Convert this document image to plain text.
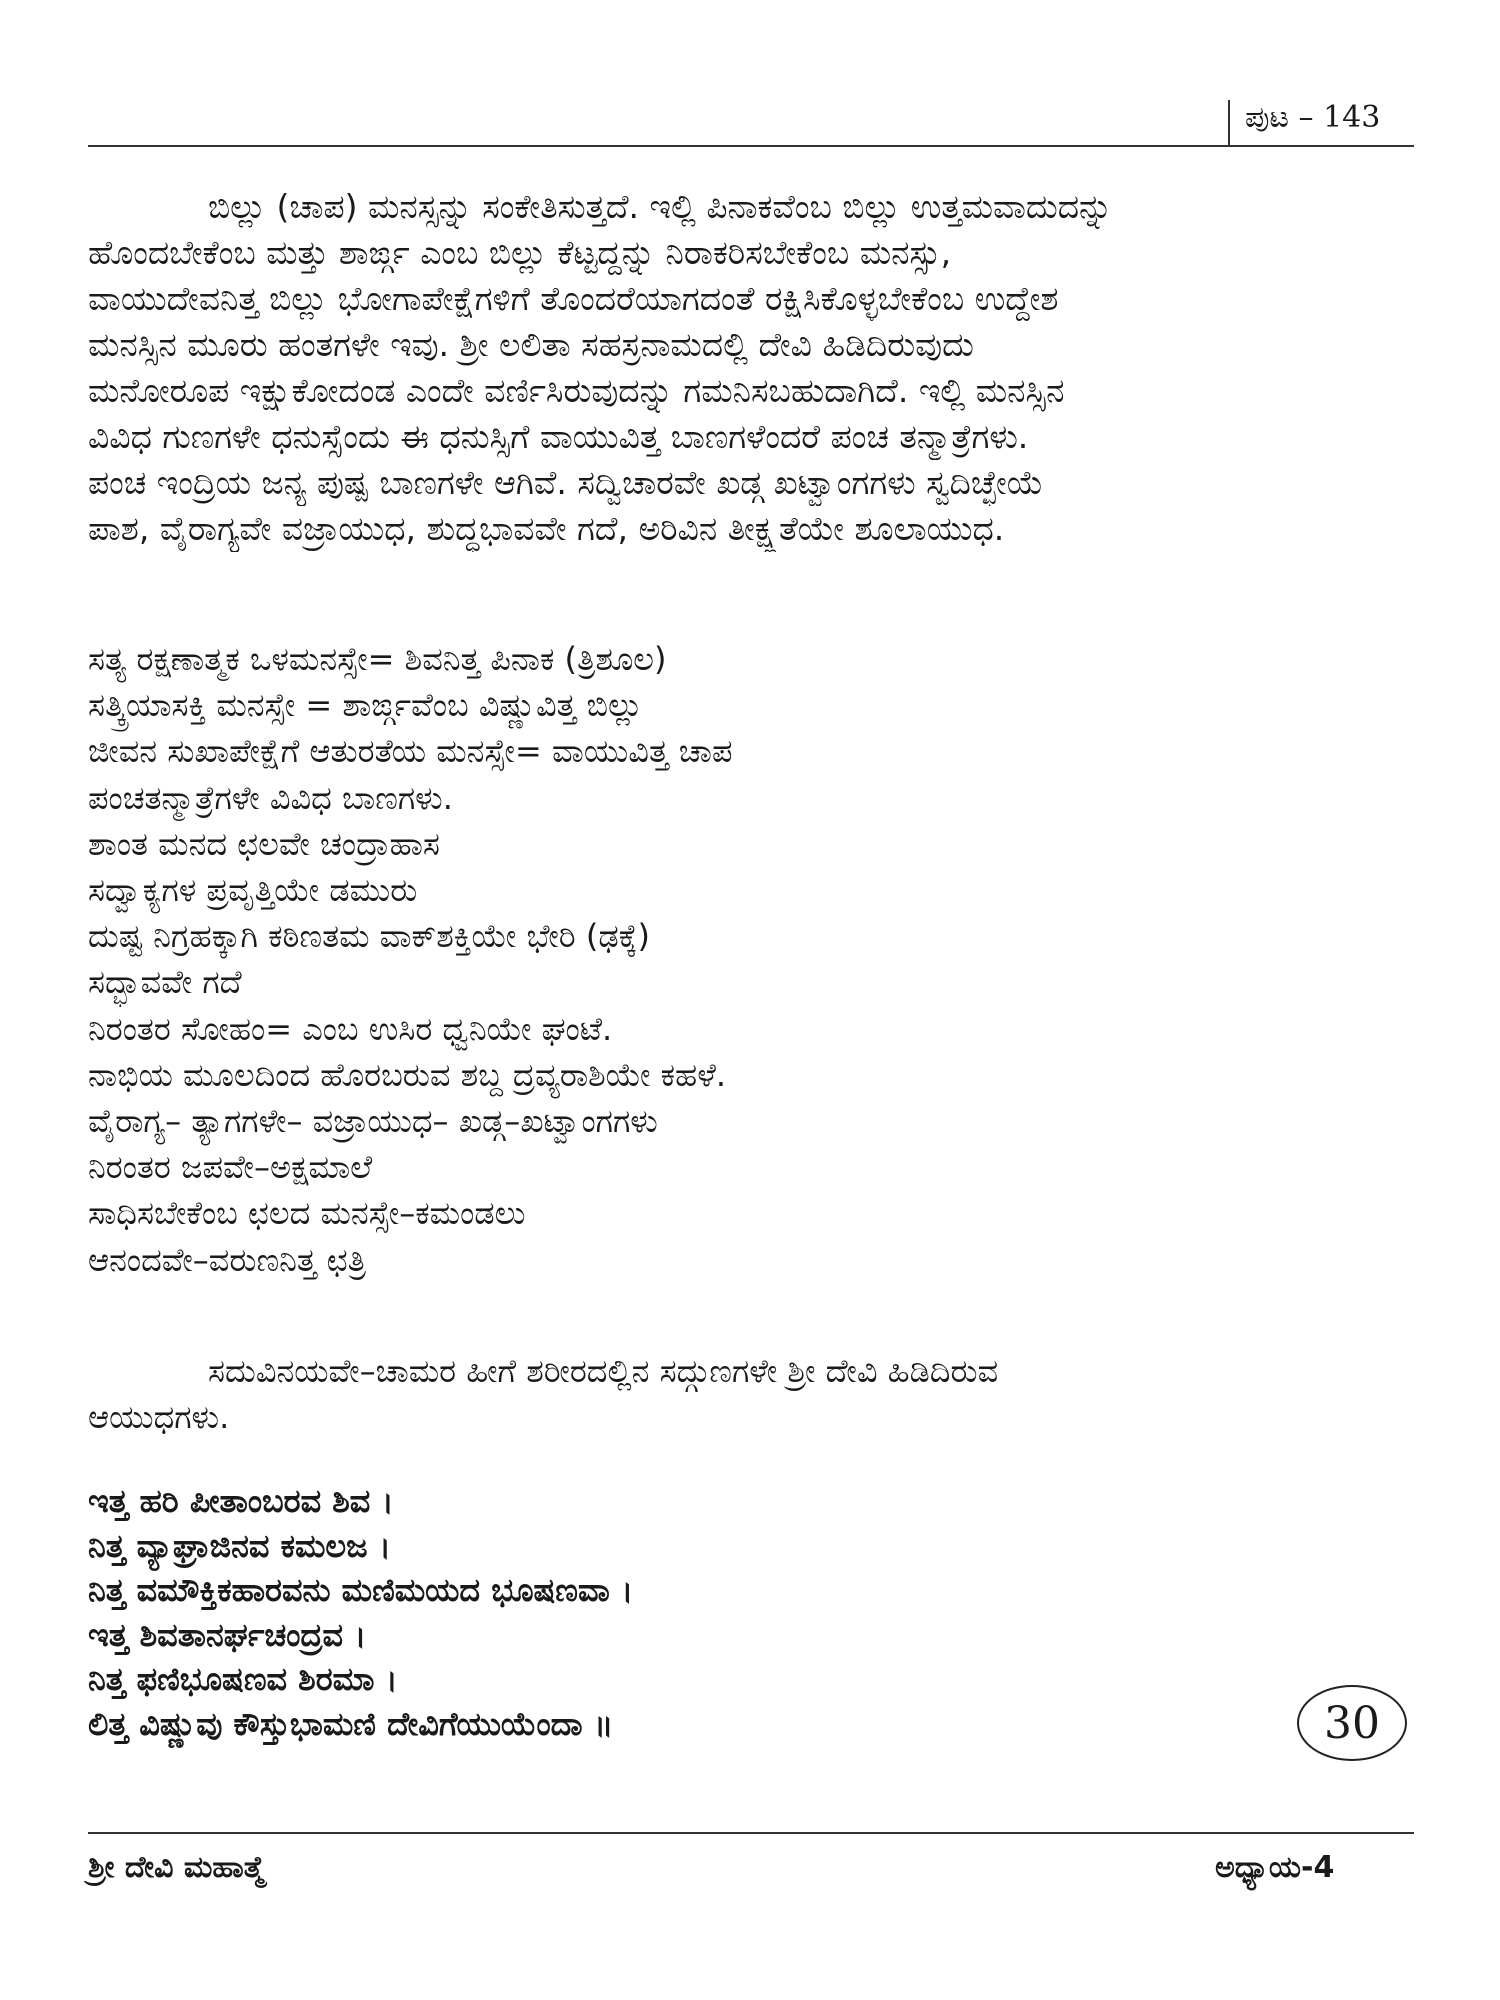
ಪುಟ – 143
ಬಿಲ್ಲು (ಚಾಪ) ಮನಸ್ಸನ್ನು ಸಂಕೇತಿಸುತ್ತದೆ. ಇಲ್ಲಿ ಪಿನಾಕವೆಂಬ ಬಿಲ್ಲು ಉತ್ತಮವಾದುದನ್ನು
ಹೊಂದಬೇಕೆಂಬ ಮತ್ತು ಶಾರ್ಙ್ಗ ಎಂಬ ಬಿಲ್ಲು ಕೆಟ್ಟದ್ದನ್ನು ನಿರಾಕರಿಸಬೇಕೆಂಬ ಮನಸ್ಸು,
ವಾಯುದೇವನಿತ್ತ ಬಿಲ್ಲು ಭೋಗಾಪೇಕ್ಷೆಗಳಿಗೆ ತೊಂದರೆಯಾಗದಂತೆ ರಕ್ಷಿಸಿಕೊಳ್ಳಬೇಕೆಂಬ ಉದ್ದೇಶ
ಮನಸ್ಸಿನ ಮೂರು ಹಂತಗಳೇ ಇವು. ಶ್ರೀ ಲಲಿತಾ ಸಹಸ್ರನಾಮದಲ್ಲಿ ದೇವಿ ಹಿಡಿದಿರುವುದು
ಮನೋರೂಪ ಇಕ್ಷುಕೋದಂಡ ಎಂದೇ ವರ್ಣಿಸಿರುವುದನ್ನು ಗಮನಿಸಬಹುದಾಗಿದೆ. ಇಲ್ಲಿ ಮನಸ್ಸಿನ
ವಿವಿಧ ಗುಣಗಳೇ ಧನುಸ್ಸೆಂದು ಈ ಧನುಸ್ಸಿಗೆ ವಾಯುವಿತ್ತ ಬಾಣಗಳೆಂದರೆ ಪಂಚ ತನ್ಮಾತ್ರೆಗಳು.
ಪಂಚ ಇಂದ್ರಿಯ ಜನ್ಯ ಪುಷ್ಪ ಬಾಣಗಳೇ ಆಗಿವೆ. ಸದ್ವಿಚಾರವೇ ಖಡ್ಗ ಖಟ್ವಾಂಗಗಳು ಸ್ವದಿಚ್ಛೇಯೆ
ಪಾಶ, ವೈರಾಗ್ಯವೇ ವಜ್ರಾಯುಧ, ಶುದ್ಧಭಾವವೇ ಗದೆ, ಅರಿವಿನ ತೀಕ್ಷ್ಣತೆಯೇ ಶೂಲಾಯುಧ.
ಸತ್ಯ ರಕ್ಷಣಾತ್ಮಕ ಒಳಮನಸ್ಸೇ= ಶಿವನಿತ್ತ ಪಿನಾಕ (ತ್ರಿಶೂಲ)
ಸತ್ಕ್ರಿಯಾಸಕ್ತಿ ಮನಸ್ಸೇ = ಶಾರ್ಙ್ಗವೆಂಬ ವಿಷ್ಣುವಿತ್ತ ಬಿಲ್ಲು
ಜೀವನ ಸುಖಾಪೇಕ್ಷೆಗೆ ಆತುರತೆಯ ಮನಸ್ಸೇ= ವಾಯುವಿತ್ತ ಚಾಪ
ಪಂಚತನ್ಮಾತ್ರೆಗಳೇ ವಿವಿಧ ಬಾಣಗಳು.
ಶಾಂತ ಮನದ ಛಲವೇ ಚಂದ್ರಾಹಾಸ
ಸದ್ವಾಕ್ಯಗಳ ಪ್ರವೃತ್ತಿಯೇ ಡಮುರು
ದುಷ್ಟ ನಿಗ್ರಹಕ್ಕಾಗಿ ಕಠಿಣತಮ ವಾಕ್‌ಶಕ್ತಿಯೇ ಭೇರಿ (ಢಕ್ಕೆ)
ಸದ್ಭಾವವೇ ಗದೆ
ನಿರಂತರ ಸೋಹಂ= ಎಂಬ ಉಸಿರ ಧ್ವನಿಯೇ ಘಂಟೆ.
ನಾಭಿಯ ಮೂಲದಿಂದ ಹೊರಬರುವ ಶಬ್ದ ದ್ರವ್ಯರಾಶಿಯೇ ಕಹಳೆ.
ವೈರಾಗ್ಯ– ತ್ಯಾಗಗಳೇ– ವಜ್ರಾಯುಧ– ಖಡ್ಗ–ಖಟ್ವಾಂಗಗಳು
ನಿರಂತರ ಜಪವೇ–ಅಕ್ಷಮಾಲೆ
ಸಾಧಿಸಬೇಕೆಂಬ ಛಲದ ಮನಸ್ಸೇ–ಕಮಂಡಲು
ಆನಂದವೇ–ವರುಣನಿತ್ತ ಛತ್ರಿ
ಸದುವಿನಯವೇ–ಚಾಮರ ಹೀಗೆ ಶರೀರದಲ್ಲಿನ ಸದ್ಗುಣಗಳೇ ಶ್ರೀ ದೇವಿ ಹಿಡಿದಿರುವ
ಆಯುಧಗಳು.
ಇತ್ತ ಹರಿ ಪೀತಾಂಬರವ ಶಿವ ।
ನಿತ್ತ ವ್ಯಾಘ್ರಾಜಿನವ ಕಮಲಜ ।
ನಿತ್ತ ವಮೌಕ್ತಿಕಹಾರವನು ಮಣಿಮಯದ ಭೂಷಣವಾ ।
ಇತ್ತ ಶಿವತಾನರ್ಘಚಂದ್ರವ ।
ನಿತ್ತ ಫಣಿಭೂಷಣವ ಶಿರಮಾ ।
ಲಿತ್ತ ವಿಷ್ಣುವು ಕೌಸ್ತುಭಾಮಣಿ ದೇವಿಗೆಯುಯೆಂದಾ ॥	30
ಶ್ರೀ ದೇವಿ ಮಹಾತ್ಮೆ	ಅಧ್ಯಾಯ-4
